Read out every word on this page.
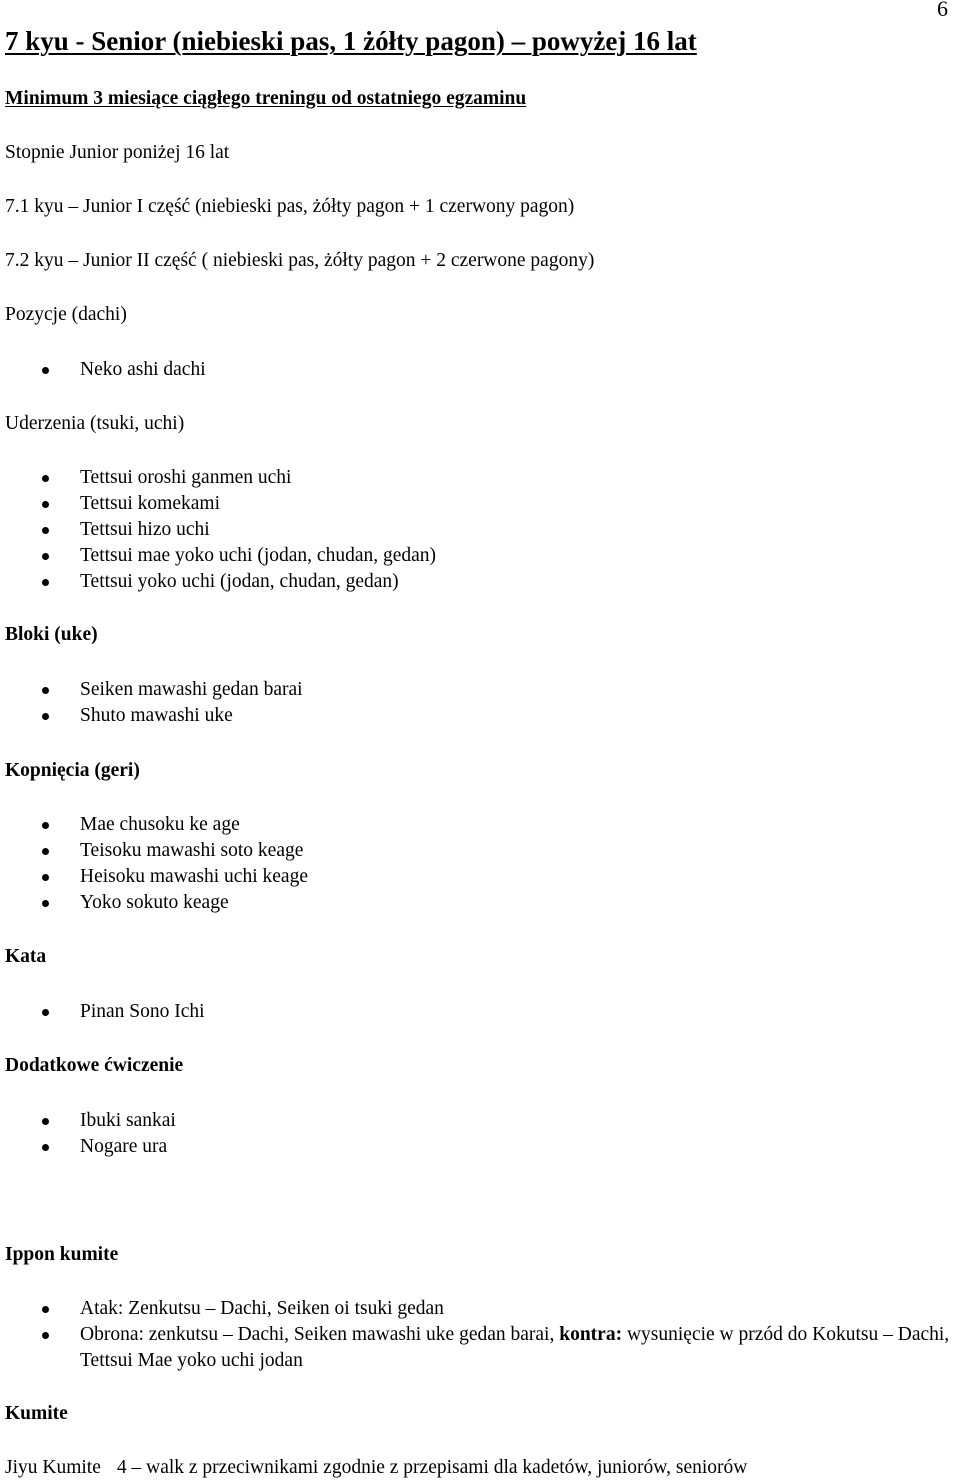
6
7 kyu - Senior (niebieski pas, 1 żółty pagon) – powyżej 16 lat
Minimum 3 miesiące ciągłego treningu od ostatniego egzaminu
Stopnie Junior poniżej 16 lat
7.1 kyu – Junior I część (niebieski pas, żółty pagon + 1 czerwony pagon)
7.2 kyu – Junior II część ( niebieski pas, żółty pagon + 2 czerwone pagony)
Pozycje (dachi)
Neko ashi dachi
Uderzenia (tsuki, uchi)
Tettsui oroshi ganmen uchi
Tettsui komekami
Tettsui hizo uchi
Tettsui mae yoko uchi (jodan, chudan, gedan)
Tettsui yoko uchi (jodan, chudan, gedan)
Bloki (uke)
Seiken mawashi gedan barai
Shuto mawashi uke
Kopnięcia (geri)
Mae chusoku ke age
Teisoku mawashi soto keage
Heisoku mawashi uchi keage
Yoko sokuto keage
Kata
Pinan Sono Ichi
Dodatkowe ćwiczenie
Ibuki sankai
Nogare ura
Ippon kumite
Atak: Zenkutsu – Dachi, Seiken oi tsuki gedan
Obrona: zenkutsu – Dachi, Seiken mawashi uke gedan barai, kontra: wysunięcie w przód do Kokutsu – Dachi, Tettsui Mae yoko uchi jodan
Kumite
Jiyu Kumite 4 – walk z przeciwnikami zgodnie z przepisami dla kadetów, juniorów, seniorów
